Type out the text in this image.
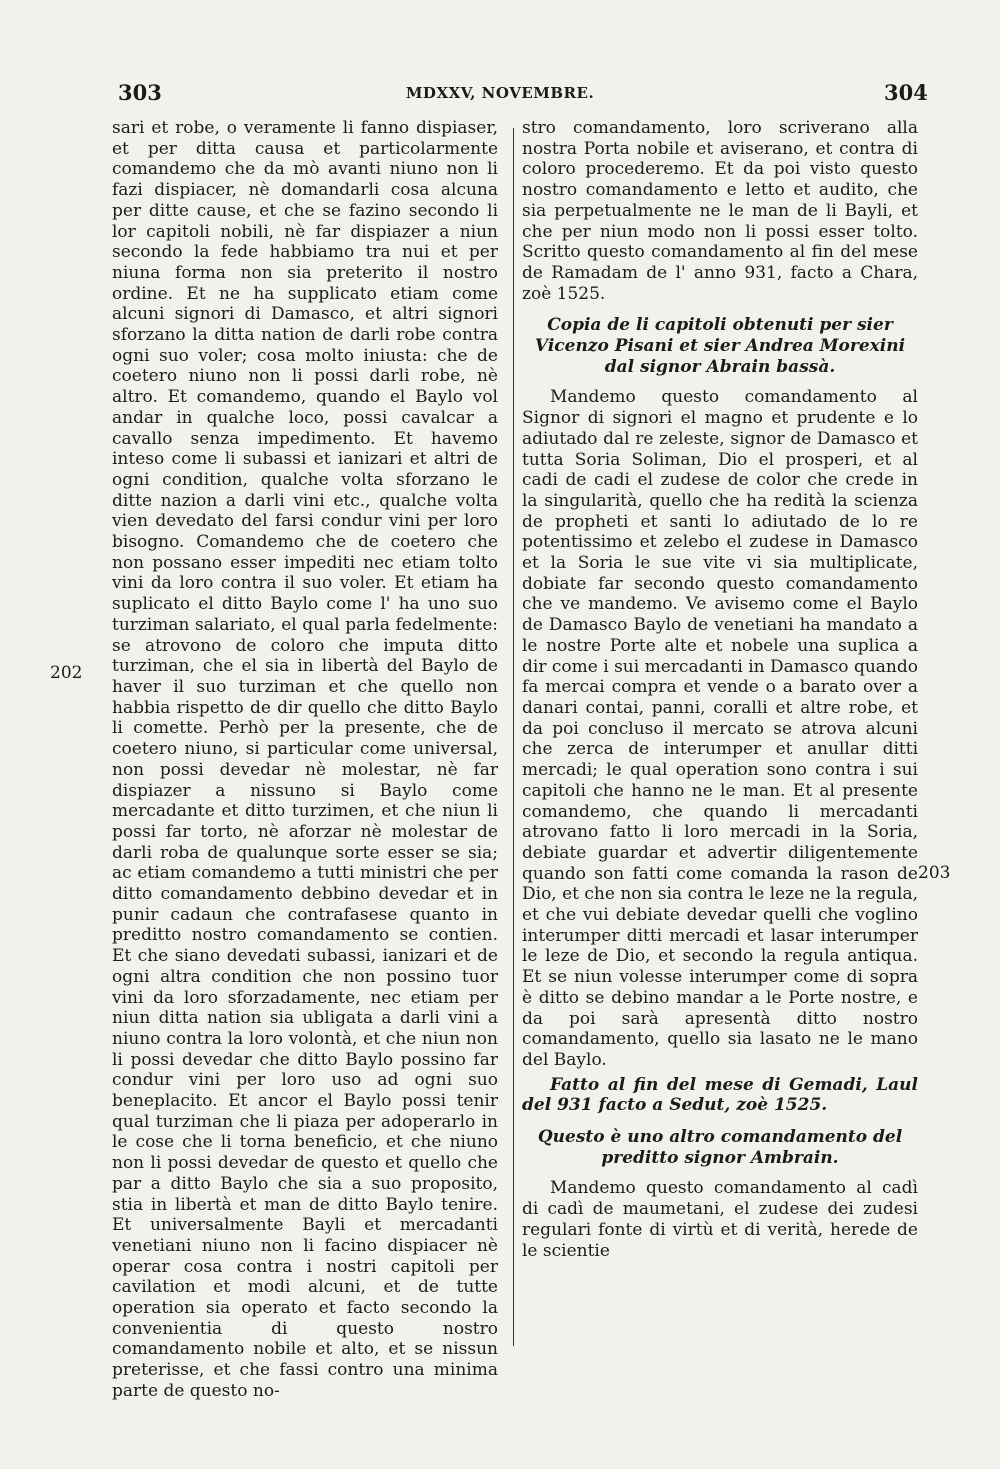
303	MDXXV, NOVEMBRE.	304
202
203

sari et robe, o veramente li fanno dispiaser, et per ditta causa et particolarmente comandemo che da mò avanti niuno non li fazi dispiacer, nè domandarli cosa alcuna per ditte cause, et che se fazino secondo li lor capitoli nobili, nè far dispiazer a niun secondo la fede habbiamo tra nui et per niuna forma non sia preterito il nostro ordine. Et ne ha supplicato etiam come alcuni signori di Damasco, et altri signori sforzano la ditta nation de darli robe contra ogni suo voler; cosa molto iniusta: che de coetero niuno non li possi darli robe, nè altro. Et comandemo, quando el Baylo vol andar in qualche loco, possi cavalcar a cavallo senza impedimento. Et havemo inteso come li subassi et ianizari et altri de ogni condition, qualche volta sforzano le ditte nazion a darli vini etc., qualche volta vien devedato del farsi condur vini per loro bisogno. Comandemo che de coetero che non possano esser impediti nec etiam tolto vini da loro contra il suo voler. Et etiam ha suplicato el ditto Baylo come l' ha uno suo turziman salariato, el qual parla fedelmente: se atrovono de coloro che imputa ditto turziman, che el sia in libertà del Baylo de haver il suo turziman et che quello non habbia rispetto de dir quello che ditto Baylo li comette. Perhò per la presente, che de coetero niuno, si particular come universal, non possi devedar nè molestar, nè far dispiazer a nissuno si Baylo come mercadante et ditto turzimen, et che niun li possi far torto, nè aforzar nè molestar de darli roba de qualunque sorte esser se sia; ac etiam comandemo a tutti ministri che per ditto comandamento debbino devedar et in punir cadaun che contrafasese quanto in preditto nostro comandamento se contien. Et che siano devedati subassi, ianizari et de ogni altra condition che non possino tuor vini da loro sforzadamente, nec etiam per niun ditta nation sia ubligata a darli vini a niuno contra la loro volontà, et che niun non li possi devedar che ditto Baylo possino far condur vini per loro uso ad ogni suo beneplacito. Et ancor el Baylo possi tenir qual turziman che li piaza per adoperarlo in le cose che li torna beneficio, et che niuno non li possi devedar de questo et quello che par a ditto Baylo che sia a suo proposito, stia in libertà et man de ditto Baylo tenire. Et universalmente Bayli et mercadanti venetiani niuno non li facino dispiacer nè operar cosa contra i nostri capitoli per cavilation et modi alcuni, et de tutte operation sia operato et facto secondo la convenientia di questo nostro comandamento nobile et alto, et se nissun preterisse, et che fassi contro una minima parte de questo no-

stro comandamento, loro scriverano alla nostra Porta nobile et aviserano, et contra di coloro procederemo. Et da poi visto questo nostro comandamento e letto et audito, che sia perpetualmente ne le man de li Bayli, et che per niun modo non li possi esser tolto. Scritto questo comandamento al fin del mese de Ramadam de l' anno 931, facto a Chara, zoè 1525.

Copia de li capitoli obtenuti per sier Vicenzo Pisani et sier Andrea Morexini dal signor Abrain bassà.

Mandemo questo comandamento al Signor di signori el magno et prudente e lo adiutado dal re zeleste, signor de Damasco et tutta Soria Soliman, Dio el prosperi, et al cadi de cadi el zudese de color che crede in la singularità, quello che ha redità la scienza de propheti et santi lo adiutado de lo re potentissimo et zelebo el zudese in Damasco et la Soria le sue vite vi sia multiplicate, dobiate far secondo questo comandamento che ve mandemo. Ve avisemo come el Baylo de Damasco Baylo de venetiani ha mandato a le nostre Porte alte et nobele una suplica a dir come i sui mercadanti in Damasco quando fa mercai compra et vende o a barato over a danari contai, panni, coralli et altre robe, et da poi concluso il mercato se atrova alcuni che zerca de interumper et anullar ditti mercadi; le qual operation sono contra i sui capitoli che hanno ne le man. Et al presente comandemo, che quando li mercadanti atrovano fatto li loro mercadi in la Soria, debiate guardar et advertir diligentemente quando son fatti come comanda la rason de Dio, et che non sia contra le leze ne la regula, et che vui debiate devedar quelli che voglino interumper ditti mercadi et lasar interumper le leze de Dio, et secondo la regula antiqua. Et se niun volesse interumper come di sopra è ditto se debino mandar a le Porte nostre, e da poi sarà apresentà ditto nostro comandamento, quello sia lasato ne le mano del Baylo.

Fatto al fin del mese di Gemadi, Laul del 931 facto a Sedut, zoè 1525.

Questo è uno altro comandamento del preditto signor Ambrain.

Mandemo questo comandamento al cadì di cadì de maumetani, el zudese dei zudesi regulari fonte di virtù et di verità, herede de le scientie
